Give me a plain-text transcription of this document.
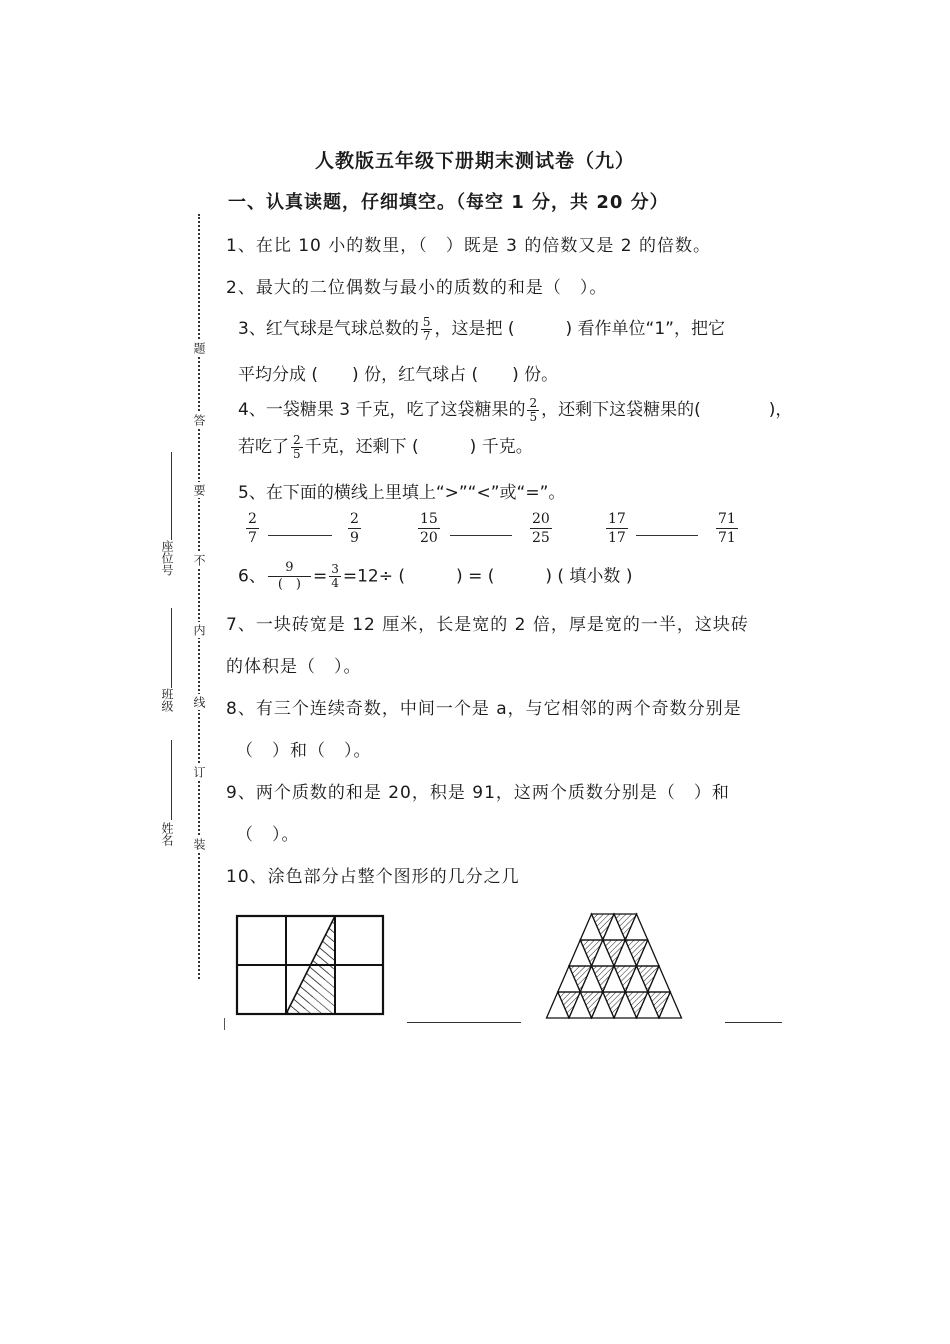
人教版五年级下册期末测试卷（九）
一、认真读题，仔细填空。（每空 1 分，共 20 分）
题
答
要
不
内
线
订
装
座位号
班级
姓名
1、在比 10 小的数里，（　）既是 3 的倍数又是 2 的倍数。
2、最大的二位偶数与最小的质数的和是（　）。
3、红气球是气球总数的 $\frac{5}{7}$ ，这是把 (　　　) 看作单位“1”，把它
平均分成 (　　) 份，红气球占 (　　) 份。
4、一袋糖果 3 千克，吃了这袋糖果的 $\frac{2}{5}$ ，还剩下这袋糖果的(　　　　)，
若吃了 $\frac{2}{5}$ 千克，还剩下 (　　　) 千克。
5、在下面的横线上里填上“>”“<”或“=”。
$\frac{2}{7}$	$\frac{2}{9}$	$\frac{15}{20}$	$\frac{20}{25}$	$\frac{17}{17}$	$\frac{71}{71}$
6、 $\frac{9}{( )} = \frac{3}{4} =12\div$ (　　　) = (　　　) ( 填小数 )
7、一块砖宽是 12 厘米，长是宽的 2 倍，厚是宽的一半，这块砖
的体积是（　）。
8、有三个连续奇数，中间一个是 a，与它相邻的两个奇数分别是
（　）和（　）。
9、两个质数的和是 20，积是 91，这两个质数分别是（　）和
（　）。
10、涂色部分占整个图形的几分之几
